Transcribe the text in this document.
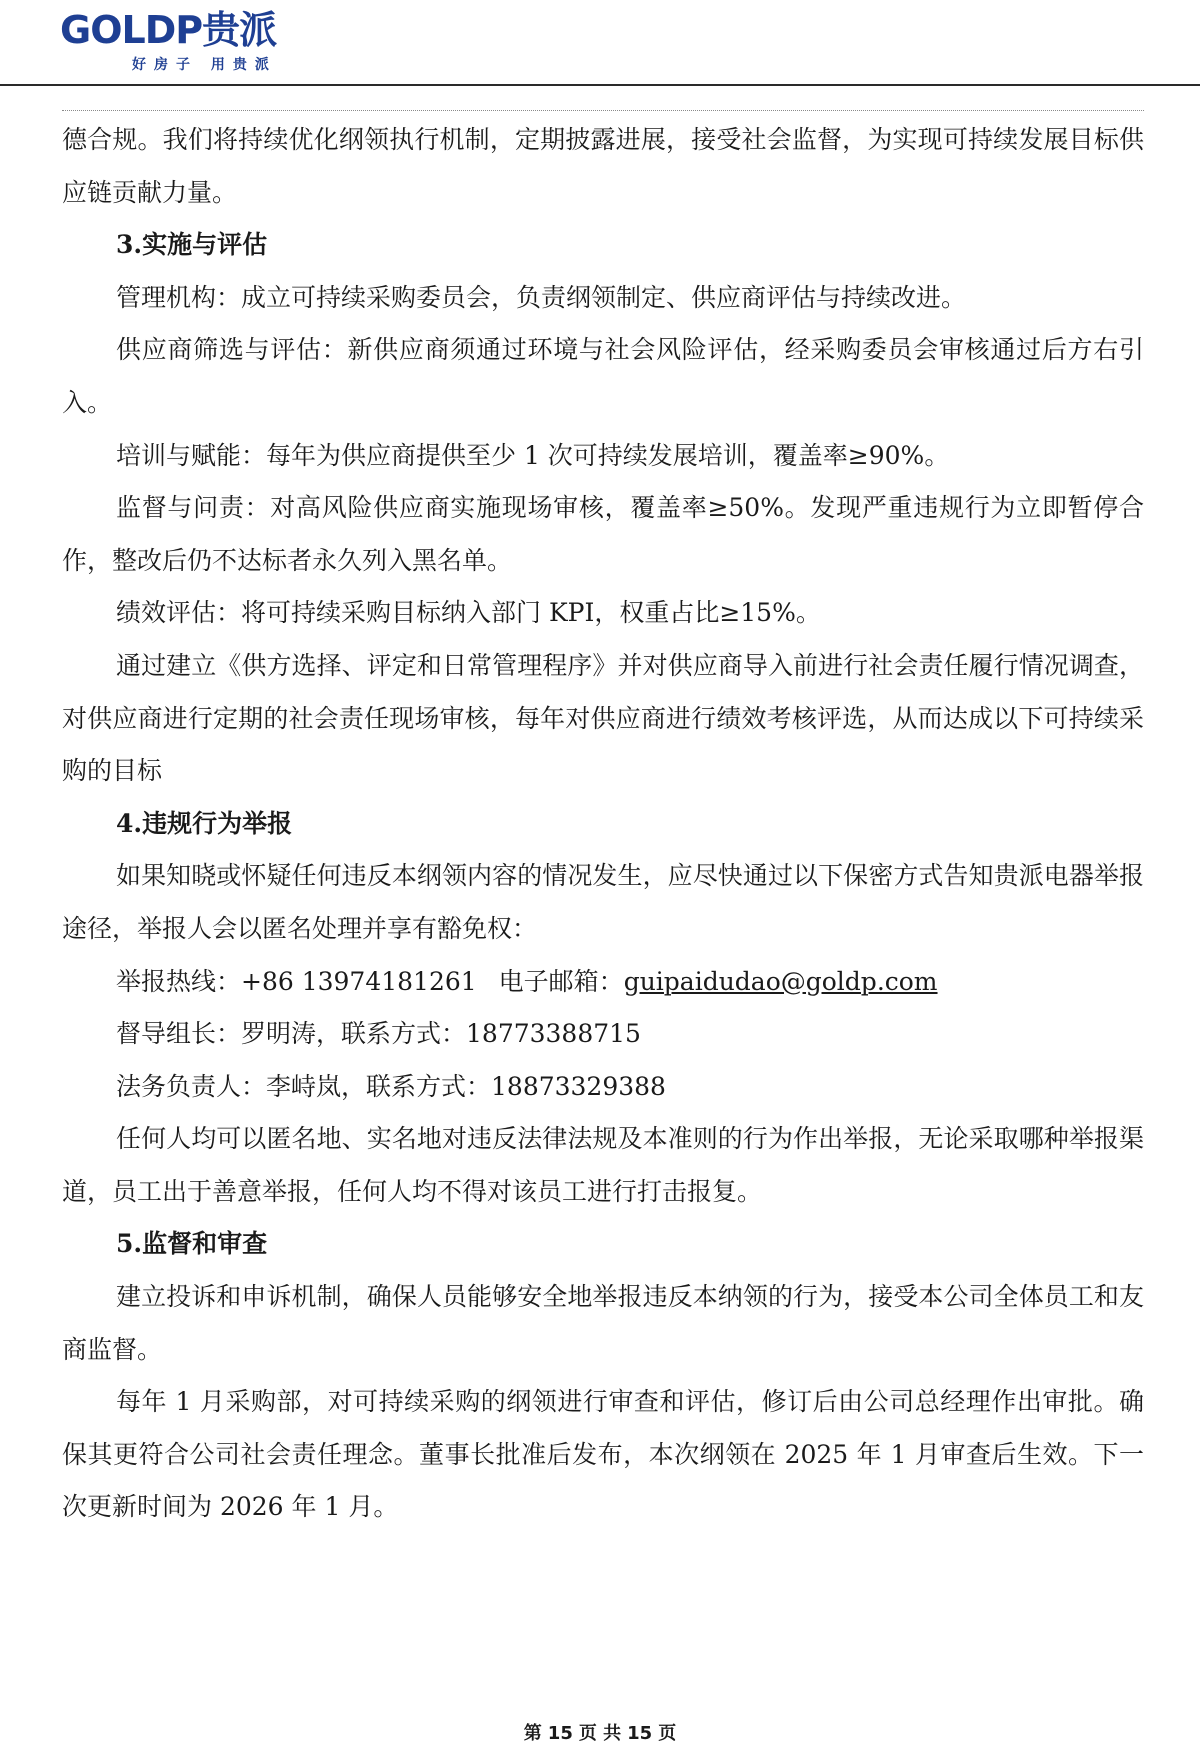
GOLDP贵派
好房子 用贵派

德合规。我们将持续优化纲领执行机制，定期披露进展，接受社会监督，为实现可持续发展目标供应链贡献力量。

3.实施与评估

管理机构：成立可持续采购委员会，负责纲领制定、供应商评估与持续改进。

供应商筛选与评估：新供应商须通过环境与社会风险评估，经采购委员会审核通过后方右引入。

培训与赋能：每年为供应商提供至少 1 次可持续发展培训，覆盖率≥90%。

监督与问责：对高风险供应商实施现场审核，覆盖率≥50%。发现严重违规行为立即暂停合作，整改后仍不达标者永久列入黑名单。

绩效评估：将可持续采购目标纳入部门 KPI，权重占比≥15%。

通过建立《供方选择、评定和日常管理程序》并对供应商导入前进行社会责任履行情况调查，对供应商进行定期的社会责任现场审核，每年对供应商进行绩效考核评选，从而达成以下可持续采购的目标

4.违规行为举报

如果知晓或怀疑任何违反本纲领内容的情况发生，应尽快通过以下保密方式告知贵派电器举报途径，举报人会以匿名处理并享有豁免权：

举报热线：+86 13974181261 电子邮箱：guipaidudao@goldp.com

督导组长：罗明涛，联系方式：18773388715

法务负责人：李峙岚，联系方式：18873329388

任何人均可以匿名地、实名地对违反法律法规及本准则的行为作出举报，无论采取哪种举报渠道，员工出于善意举报，任何人均不得对该员工进行打击报复。

5.监督和审查

建立投诉和申诉机制，确保人员能够安全地举报违反本纳领的行为，接受本公司全体员工和友商监督。

每年 1 月采购部，对可持续采购的纲领进行审查和评估，修订后由公司总经理作出审批。确保其更符合公司社会责任理念。董事长批准后发布，本次纲领在 2025 年 1 月审查后生效。下一次更新时间为 2026 年 1 月。

第 15 页 共 15 页
